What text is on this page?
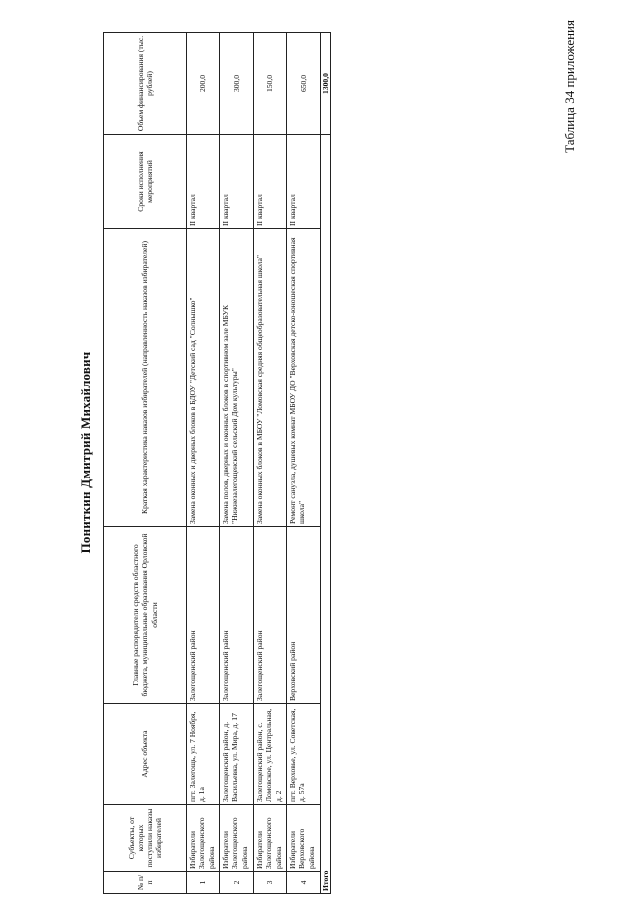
Таблица 34 приложения
Пониткин Дмитрий Михайлович
№ п/п	Субъекты, от которых поступили наказы избирателей	Адрес объекта	Главные распорядители средств областного бюджета, муниципальные образования Орловской области	Краткая характеристика наказов избирателей (направленность наказов избирателей)	Сроки исполнения мероприятий	Объем финансирования (тыс. рублей)
1	Избиратели Залегощенского района	пгт. Залегощь, ул. 7 Ноября, д. 1а	Залегощенский район	Замена оконных и дверных блоков в БДОУ "Детский сад "Солнышко"	II квартал	200,0
2	Избиратели Залегощенского района	Залегощенский район, д. Васильевка, ул. Мира, д. 17	Залегощенский район	Замена полов, дверных и оконных блоков в спортивном зале МБУК "Нижнезалегощенский сельский Дом культуры"	II квартал	300,0
3	Избиратели Залегощенского района	Залегощенский район, с. Ломовское, ул. Центральная, д. 2	Залегощенский район	Замена оконных блоков в МБОУ "Ломовская средняя общеобразовательная школа"	II квартал	150,0
4	Избиратели Верховского района	пгт. Верховье, ул. Советская, д. 57а	Верховский район	Ремонт санузла, душевых комнат МБОУ ДО "Верховская детско-юношеская спортивная школа"	II квартал	650,0
Итого						1300,0
